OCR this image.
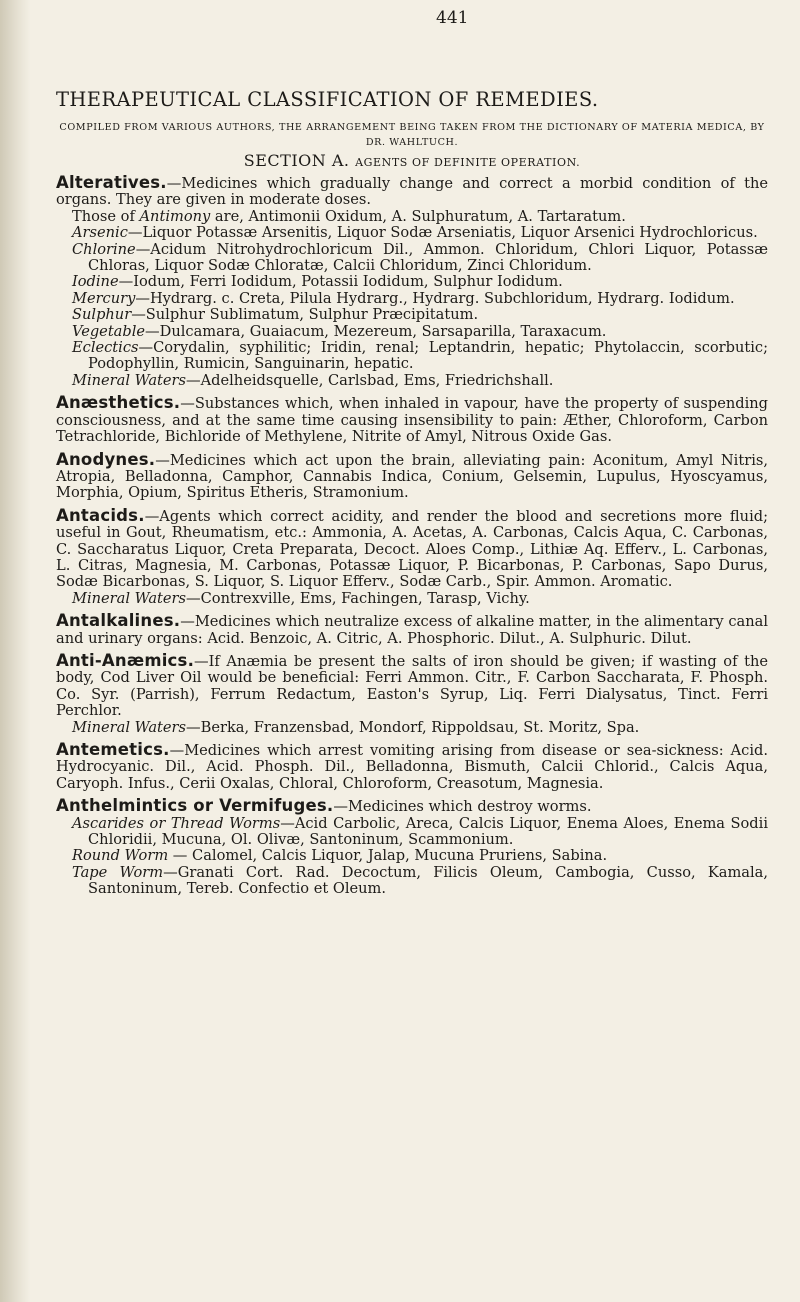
441
THERAPEUTICAL CLASSIFICATION OF REMEDIES.
COMPILED FROM VARIOUS AUTHORS, THE ARRANGEMENT BEING TAKEN FROM THE DICTIONARY OF MATERIA MEDICA, BY DR. WAHLTUCH.
SECTION A. AGENTS OF DEFINITE OPERATION.
Alteratives.—Medicines which gradually change and correct a morbid condition of the organs. They are given in moderate doses.
Those of Antimony are, Antimonii Oxidum, A. Sulphuratum, A. Tartaratum.
Arsenic—Liquor Potassæ Arsenitis, Liquor Sodæ Arseniatis, Liquor Arsenici Hydrochloricus.
Chlorine—Acidum Nitrohydrochloricum Dil., Ammon. Chloridum, Chlori Liquor, Potassæ Chloras, Liquor Sodæ Chloratæ, Calcii Chloridum, Zinci Chloridum.
Iodine—Iodum, Ferri Iodidum, Potassii Iodidum, Sulphur Iodidum.
Mercury—Hydrarg. c. Creta, Pilula Hydrarg., Hydrarg. Subchloridum, Hydrarg. Iodidum.
Sulphur—Sulphur Sublimatum, Sulphur Præcipitatum.
Vegetable—Dulcamara, Guaiacum, Mezereum, Sarsaparilla, Taraxacum.
Eclectics—Corydalin, syphilitic; Iridin, renal; Leptandrin, hepatic; Phytolaccin, scorbutic; Podophyllin, Rumicin, Sanguinarin, hepatic.
Mineral Waters—Adelheidsquelle, Carlsbad, Ems, Friedrichshall.
Anæsthetics.—Substances which, when inhaled in vapour, have the property of suspending consciousness, and at the same time causing insensibility to pain: Æther, Chloroform, Carbon Tetrachloride, Bichloride of Methylene, Nitrite of Amyl, Nitrous Oxide Gas.
Anodynes.—Medicines which act upon the brain, alleviating pain: Aconitum, Amyl Nitris, Atropia, Belladonna, Camphor, Cannabis Indica, Conium, Gelsemin, Lupulus, Hyoscyamus, Morphia, Opium, Spiritus Etheris, Stramonium.
Antacids.—Agents which correct acidity, and render the blood and secretions more fluid; useful in Gout, Rheumatism, etc.: Ammonia, A. Acetas, A. Carbonas, Calcis Aqua, C. Carbonas, C. Saccharatus Liquor, Creta Preparata, Decoct. Aloes Comp., Lithiæ Aq. Efferv., L. Carbonas, L. Citras, Magnesia, M. Carbonas, Potassæ Liquor, P. Bicarbonas, P. Carbonas, Sapo Durus, Sodæ Bicarbonas, S. Liquor, S. Liquor Efferv., Sodæ Carb., Spir. Ammon. Aromatic.
Mineral Waters—Contrexville, Ems, Fachingen, Tarasp, Vichy.
Antalkalines.—Medicines which neutralize excess of alkaline matter, in the alimentary canal and urinary organs: Acid. Benzoic, A. Citric, A. Phosphoric. Dilut., A. Sulphuric. Dilut.
Anti-Anæmics.—If Anæmia be present the salts of iron should be given; if wasting of the body, Cod Liver Oil would be beneficial: Ferri Ammon. Citr., F. Carbon Saccharata, F. Phosph. Co. Syr. (Parrish), Ferrum Redactum, Easton's Syrup, Liq. Ferri Dialysatus, Tinct. Ferri Perchlor.
Mineral Waters—Berka, Franzensbad, Mondorf, Rippoldsau, St. Moritz, Spa.
Antemetics.—Medicines which arrest vomiting arising from disease or sea-sickness: Acid. Hydrocyanic. Dil., Acid. Phosph. Dil., Belladonna, Bismuth, Calcii Chlorid., Calcis Aqua, Caryoph. Infus., Cerii Oxalas, Chloral, Chloroform, Creasotum, Magnesia.
Anthelmintics or Vermifuges.—Medicines which destroy worms.
Ascarides or Thread Worms—Acid Carbolic, Areca, Calcis Liquor, Enema Aloes, Enema Sodii Chloridii, Mucuna, Ol. Olivæ, Santoninum, Scammonium.
Round Worm — Calomel, Calcis Liquor, Jalap, Mucuna Pruriens, Sabina.
Tape Worm—Granati Cort. Rad. Decoctum, Filicis Oleum, Cambogia, Cusso, Kamala, Santoninum, Tereb. Confectio et Oleum.
